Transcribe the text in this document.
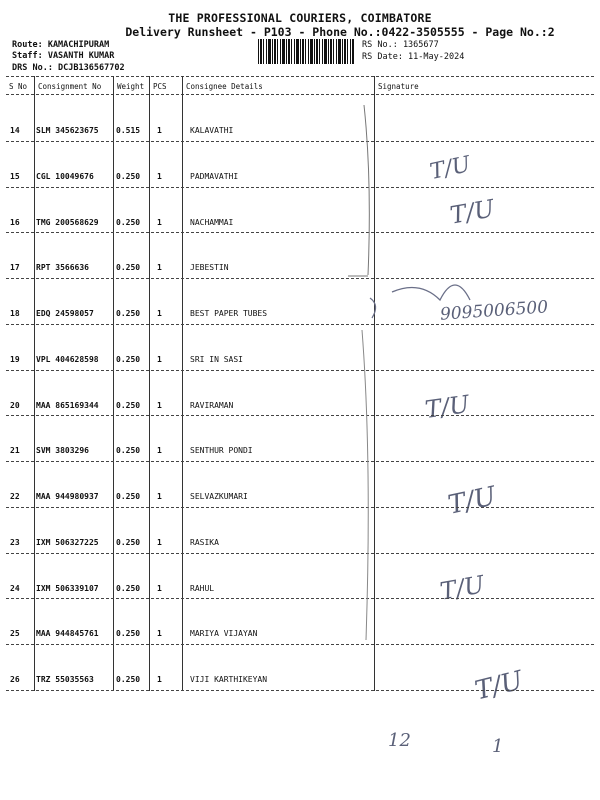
THE PROFESSIONAL COURIERS, COIMBATORE
Delivery Runsheet - P103 - Phone No.:0422-3505555 - Page No.:2
Route: KAMACHIPURAM
Staff: VASANTH KUMAR
DRS No.: DCJB136567702
RS No.: 1365677
RS Date: 11-May-2024
S No Consignment No Weight PCS	Consignee Details	Signature
14 SLM 345623675 0.515 1	KALAVATHI
15 CGL 10049676	0.250 1	PADMAVATHI	T/U
16 TMG 200568629 0.250 1	NACHAMMAI	T/U
17 RPT 3566636	0.250 1	JEBESTIN
18 EDQ 24598057	0.250 1	BEST PAPER TUBES	9095006500
19 VPL 404628598 0.250 1	SRI IN SASI
20 MAA 865169344 0.250 1	RAVIRAMAN	T/U
21 SVM 3803296	0.250 1	SENTHUR PONDI
22 MAA 944980937 0.250 1	SELVAZKUMARI	T/U
23 IXM 506327225 0.250 1	RASIKA
24 IXM 506339107 0.250 1	RAHUL	T/U
25 MAA 944845761 0.250 1	MARIYA VIJAYAN
26 TRZ 55035563	0.250 1	VIJI KARTHIKEYAN	T/U
12	1
